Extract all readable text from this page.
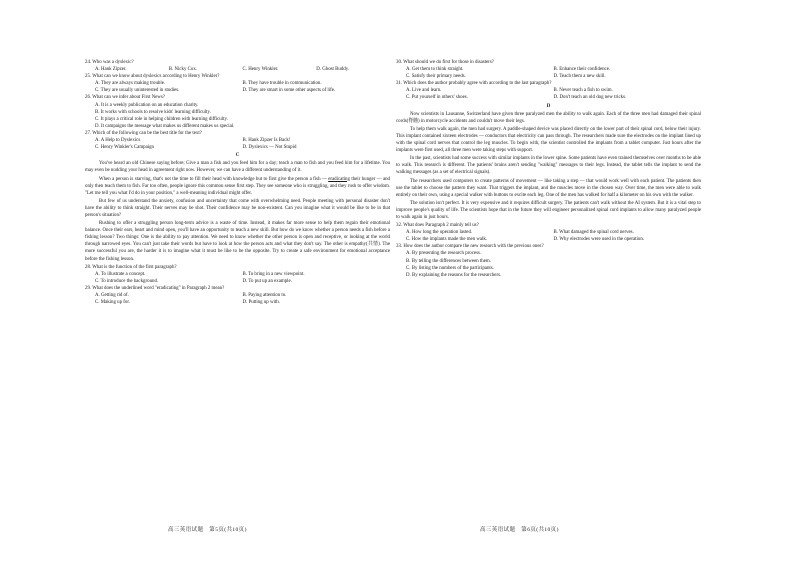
24. Who was a dyslexic?
A. Hank Zipzer.	B. Nicky Cox.	C. Henry Winkler.	D. Ghost Buddy.
25. What can we know about dyslexics according to Henry Winkler?
A. They are always making trouble.	B. They have trouble in communication.
C. They are usually uninterested in studies.	D. They are smart in some other aspects of life.
26. What can we infer about First News?
A. It is a weekly publication on an education charity.
B. It works with schools to resolve kids' learning difficulty.
C. It plays a critical role in helping children with learning difficulty.
D. It campaigns the message what makes us different makes us special.
27. Which of the following can be the best title for the text?
A. A Help to Dyslexics	B. Hank Zipzer Is Back!
C. Henry Winkler's Campaign	D. Dyslexics — Not Stupid
C

You've heard an old Chinese saying before; Give a man a fish and you feed him for a day; teach a man to fish and you feed him for a lifetime. You may even be nodding your head in agreement right now. However, we can have a different understanding of it.

When a person is starving, that's not the time to fill their head with knowledge but to first give the person a fish — eradicating their hunger — and only then teach them to fish. Far too often, people ignore this common sense first step. They see someone who is struggling, and they rush to offer wisdom. "Let me tell you what I'd do in your position," a well-meaning individual might offer.

But few of us understand the anxiety, confusion and uncertainty that come with overwhelming need. People meeting with personal disaster don't have the ability to think straight. Their nerves may be shot. Their confidence may be non-existent. Can you imagine what it would be like to be in that person's situation?

Rushing to offer a struggling person long-term advice is a waste of time. Instead, it makes far more sense to help them regain their emotional balance. Once their ears, heart and mind open, you'll have an opportunity to teach a new skill. But how do we know whether a person needs a fish before a fishing lesson? Two things: One is the ability to pay attention. We need to know whether the other person is open and receptive, or looking at the world through narrowed eyes. You can't just take their words but have to look at how the person acts and what they don't say. The other is empathy(共情). The more successful you are, the harder it is to imagine what it must be like to be the opposite. Try to create a safe environment for emotional acceptance before the fishing lesson.

28. What is the function of the first paragraph?
A. To illustrate a concept.	B. To bring in a new viewpoint.
C. To introduce the background.	D. To put up an example.
29. What does the underlined word "eradicating" in Paragraph 2 mean?
A. Getting rid of.	B. Paying attention to.
C. Making up for.	D. Putting up with.
30. What should we do first for those in disasters?
A. Get them to think straight.	B. Enhance their confidence.
C. Satisfy their primary needs.	D. Teach them a new skill.
31. Which does the author probably agree with according to the last paragraph?
A. Live and learn.	B. Never teach a fish to swim.
C. Put yourself in others' shoes.	D. Don't teach an old dog new tricks.
D

Now scientists in Lausanne, Switzerland have given three paralyzed men the ability to walk again. Each of the three men had damaged their spinal cords(脊髓) in motorcycle accidents and couldn't move their legs.

To help them walk again, the men had surgery. A paddle-shaped device was placed directly on the lower part of their spinal cord, below their injury. This implant contained sixteen electrodes — conductors that electricity can pass through. The researchers made sure the electrodes on the implant lined up with the spinal cord nerves that control the leg muscles. To begin with, the scientist controlled the implants from a tablet computer. Just hours after the implants were first used, all three men were taking steps with support.

In the past, scientists had some success with similar implants in the lower spine. Some patients have even trained themselves over months to be able to walk. This research is different. The patients' brains aren't sending "walking" messages to their legs. Instead, the tablet tells the implant to send the walking messages (as a set of electrical signals).

The researchers used computers to create patterns of movement — like taking a step — that would work well with each patient. The patients then use the tablet to choose the pattern they want. That triggers the implant, and the muscles move in the chosen way. Over time, the men were able to walk entirely on their own, using a special walker with buttons to excite each leg. One of the men has walked for half a kilometer on his own with the walker.

The solution isn't perfect. It is very expensive and it requires difficult surgery. The patients can't walk without the AI system. But it is a vital step to improve people's quality of life. The scientists hope that in the future they will engineer personalized spinal cord implants to allow many paralyzed people to walk again in just hours.

32. What does Paragraph 2 mainly tell us?
A. How long the operation lasted.	B. What damaged the spinal cord nerves.
C. How the implants made the men walk.	D. Why electrodes were used in the operation.
33. How does the author compare the new research with the previous ones?
A. By presenting the research process.
B. By telling the differences between them.
C. By listing the numbers of the participants.
D. By explaining the reasons for the researchers.
高三英语试题　第5页(共10页)	高三英语试题　第6页(共10页)
